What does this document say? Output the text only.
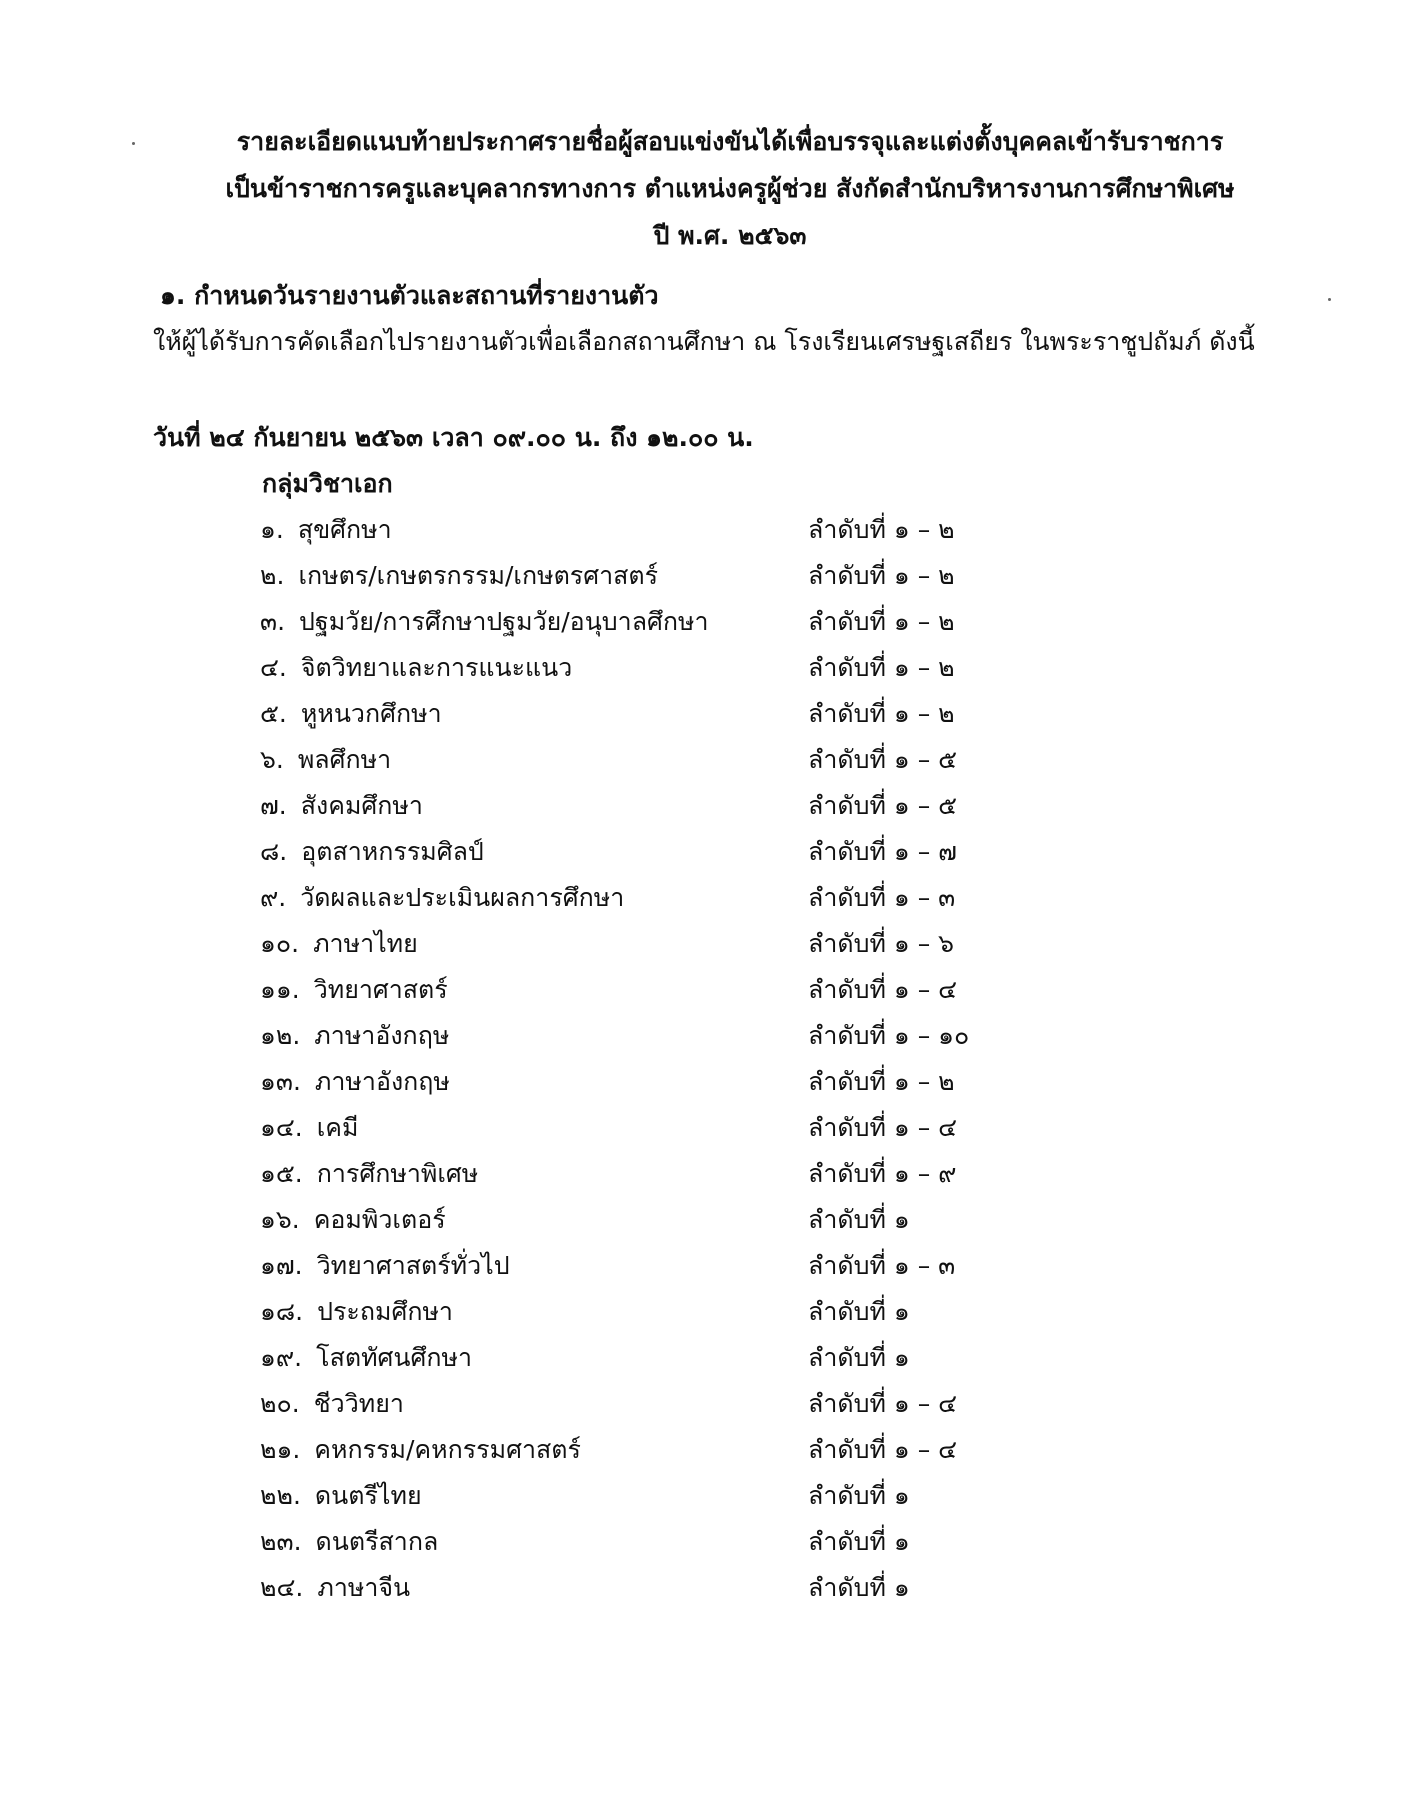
รายละเอียดแนบท้ายประกาศรายชื่อผู้สอบแข่งขันได้เพื่อบรรจุและแต่งตั้งบุคคลเข้ารับราชการ
เป็นข้าราชการครูและบุคลากรทางการ ตำแหน่งครูผู้ช่วย สังกัดสำนักบริหารงานการศึกษาพิเศษ
ปี พ.ศ. ๒๕๖๓
๑. กำหนดวันรายงานตัวและสถานที่รายงานตัว
ให้ผู้ได้รับการคัดเลือกไปรายงานตัวเพื่อเลือกสถานศึกษา ณ โรงเรียนเศรษฐเสถียร ในพระราชูปถัมภ์ ดังนี้
วันที่ ๒๔ กันยายน ๒๕๖๓ เวลา ๐๙.๐๐ น. ถึง ๑๒.๐๐ น.
กลุ่มวิชาเอก
๑. สุขศึกษา	ลำดับที่ ๑ – ๒
๒. เกษตร/เกษตรกรรม/เกษตรศาสตร์	ลำดับที่ ๑ – ๒
๓. ปฐมวัย/การศึกษาปฐมวัย/อนุบาลศึกษา	ลำดับที่ ๑ – ๒
๔. จิตวิทยาและการแนะแนว	ลำดับที่ ๑ – ๒
๕. หูหนวกศึกษา	ลำดับที่ ๑ – ๒
๖. พลศึกษา	ลำดับที่ ๑ – ๕
๗. สังคมศึกษา	ลำดับที่ ๑ – ๕
๘. อุตสาหกรรมศิลป์	ลำดับที่ ๑ – ๗
๙. วัดผลและประเมินผลการศึกษา	ลำดับที่ ๑ – ๓
๑๐. ภาษาไทย	ลำดับที่ ๑ – ๖
๑๑. วิทยาศาสตร์	ลำดับที่ ๑ – ๔
๑๒. ภาษาอังกฤษ	ลำดับที่ ๑ – ๑๐
๑๓. ภาษาอังกฤษ	ลำดับที่ ๑ – ๒
๑๔. เคมี	ลำดับที่ ๑ – ๔
๑๕. การศึกษาพิเศษ	ลำดับที่ ๑ – ๙
๑๖. คอมพิวเตอร์	ลำดับที่ ๑
๑๗. วิทยาศาสตร์ทั่วไป	ลำดับที่ ๑ – ๓
๑๘. ประถมศึกษา	ลำดับที่ ๑
๑๙. โสตทัศนศึกษา	ลำดับที่ ๑
๒๐. ชีววิทยา	ลำดับที่ ๑ – ๔
๒๑. คหกรรม/คหกรรมศาสตร์	ลำดับที่ ๑ – ๔
๒๒. ดนตรีไทย	ลำดับที่ ๑
๒๓. ดนตรีสากล	ลำดับที่ ๑
๒๔. ภาษาจีน	ลำดับที่ ๑
